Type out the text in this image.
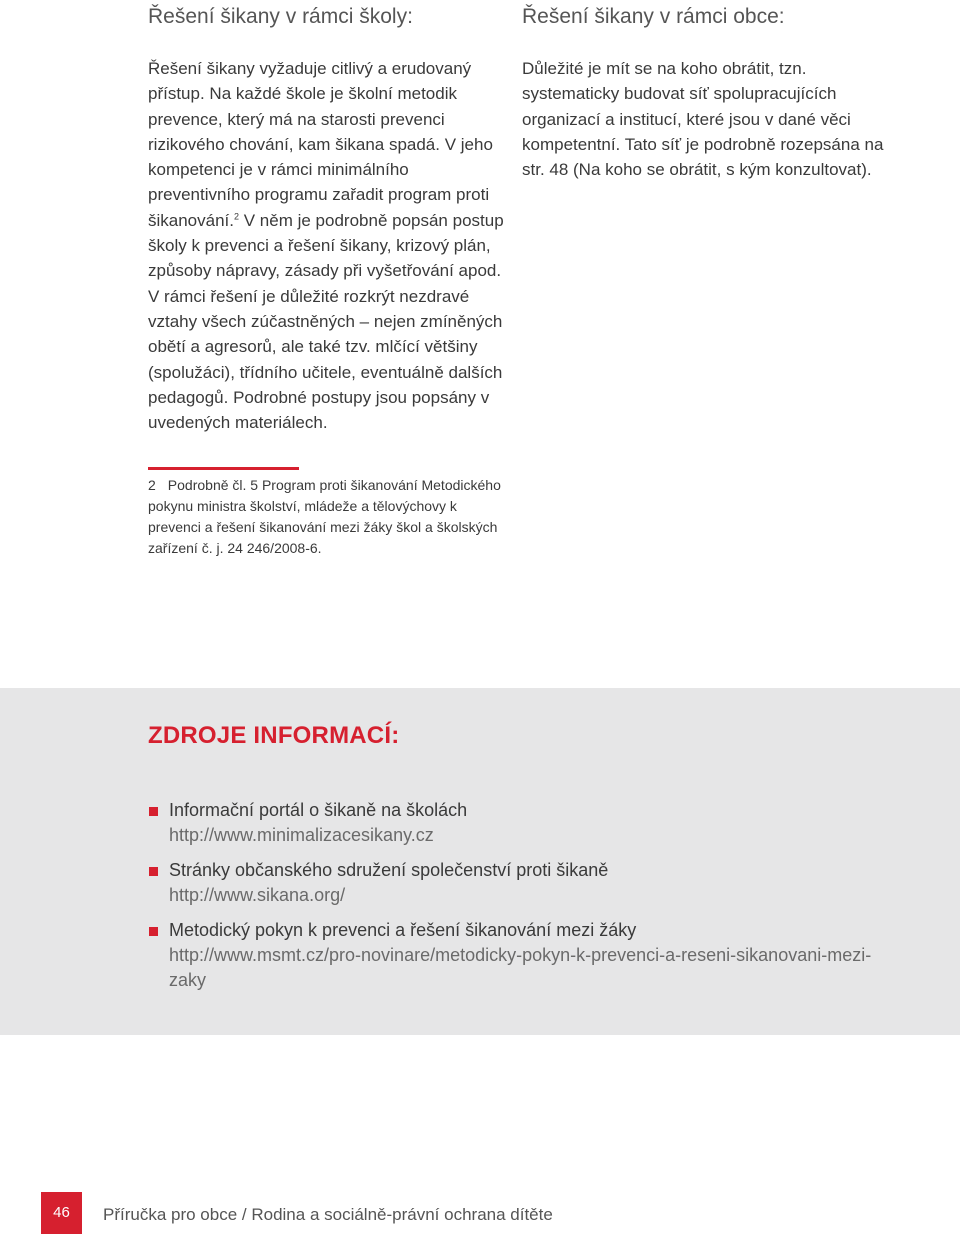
Řešení šikany v rámci školy:

Řešení šikany vyžaduje citlivý a erudovaný přístup. Na každé škole je školní metodik prevence, který má na starosti prevenci rizikového chování, kam šikana spadá. V jeho kompetenci je v rámci minimálního preventivního programu zařadit program proti šikanování.$^2$ V něm je podrobně popsán postup školy k prevenci a řešení šikany, krizový plán, způsoby nápravy, zásady při vyšetřování apod. V rámci řešení je důležité rozkrýt nezdravé vztahy všech zúčastněných – nejen zmíněných obětí a agresorů, ale také tzv. mlčící většiny (spolužáci), třídního učitele, eventuálně dalších pedagogů. Podrobné postupy jsou popsány v uvedených materiálech.

Řešení šikany v rámci obce:

Důležité je mít se na koho obrátit, tzn. systematicky budovat síť spolupracujících organizací a institucí, které jsou v dané věci kompetentní. Tato síť je podrobně rozepsána na str. 48 (Na koho se obrátit, s kým konzultovat).

2 Podrobně čl. 5 Program proti šikanování Metodického pokynu ministra školství, mládeže a tělovýchovy k prevenci a řešení šikanování mezi žáky škol a školských zařízení č. j. 24 246/2008-6.
ZDROJE INFORMACÍ:
Informační portál o šikaně na školách
http://www.minimalizacesikany.cz
Stránky občanského sdružení společenství proti šikaně
http://www.sikana.org/
Metodický pokyn k prevenci a řešení šikanování mezi žáky
http://www.msmt.cz/pro-novinare/metodicky-pokyn-k-prevenci-a-reseni-sikanovani-mezi-zaky
46	Příručka pro obce / Rodina a sociálně-právní ochrana dítěte
